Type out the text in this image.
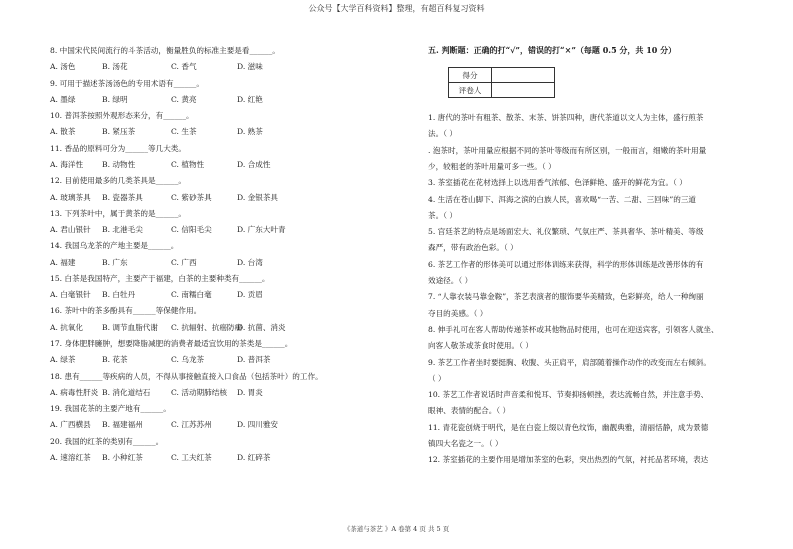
公众号【大学百科资料】整理，有超百科复习资料
8. 中国宋代民间流行的斗茶活动，衡量胜负的标准主要是看______。
A. 汤色	B. 汤花	C. 香气	D. 滋味
9. 可用于描述茶汤汤色的专用术语有______。
A. 墨绿	B. 绿明	C. 黄亮	D. 红艳
10. 普洱茶按照外观形态来分，有______。
A. 散茶	B. 紧压茶	C. 生茶	D. 熟茶
11. 香品的原料可分为______等几大类。
A. 海洋性 B. 动物性	C. 植物性	D. 合成性
12. 目前使用最多的几类茶具是______。
A. 玻璃茶具 B. 瓷器茶具	C. 紫砂茶具	D. 金银茶具
13. 下列茶叶中，属于黄茶的是______。
A. 君山银针 B. 北港毛尖	C. 信阳毛尖	D. 广东大叶青
14. 我国乌龙茶的产地主要是______。
A. 福建	B. 广东	C. 广西	D. 台湾
15. 白茶是我国特产，主要产于福建，白茶的主要种类有______。
A. 白毫银针 B. 白牡丹	C. 南糯白毫	D. 贡眉
16. 茶叶中的茶多酚具有______等保健作用。
A. 抗氧化 B. 调节血脂代谢 C. 抗辐射、抗癌防癌
D. 抗菌、消炎
17. 身体肥胖臃肿，想要降脂减肥的消费者最适宜饮用的茶类是______。
A. 绿茶	B. 花茶	C. 乌龙茶	D. 普洱茶
18. 患有______等疾病的人员，不得从事接触直接入口食品（包括茶叶）的工作。
A. 病毒性肝炎 B. 消化道结石	C. 活动期肺结核 D. 胃炎
19. 我国花茶的主要产地有______。
A. 广西横县 B. 福建福州	C. 江苏苏州	D. 四川雅安
20. 我国的红茶的类别有______。
A. 速溶红茶 B. 小种红茶	C. 工夫红茶	D. 红碎茶
五. 判断题：正确的打“√”，错误的打“×”（每题 0.5 分，共 10 分）
得分	
评卷人	
1. 唐代的茶叶有粗茶、散茶、末茶、饼茶四种，唐代茶道以文人为主体，盛行煎茶
法。（ ）
. 泡茶时，茶叶用量应根据不同的茶叶等级而有所区别，一般而言，细嫩的茶叶用量
少，较粗老的茶叶用量可多一些。（ ）
3. 茶室插花在花材选择上以选用香气浓郁、色泽鲜艳、盛开的鲜花为宜。（ ）
4. 生活在苍山脚下、洱海之滨的白族人民，喜欢喝“一苦、二甜、三回味”的三道
茶。（ ）
5. 宫廷茶艺的特点是场面宏大、礼仪繁琐、气氛庄严、茶具奢华、茶叶精美、等级
森严，带有政治色彩。（ ）
6. 茶艺工作者的形体美可以通过形体训练来获得，科学的形体训练是改善形体的有
效途径。（ ）
7. “人靠衣装马靠金鞍”，茶艺表演者的服饰要华美精致，色彩鲜亮，给人一种绚丽
夺目的美感。（ ）
8. 伸手礼可在客人帮助传递茶杯或其他物品时使用，也可在迎送宾客，引领客人就坐、
向客人敬茶或茶食时使用。（ ）
9. 茶艺工作者坐时要挺胸、收腹、头正肩平，肩部随着操作动作的改变而左右倾斜。
（ ）
10. 茶艺工作者说话时声音柔和悦耳、节奏抑扬顿挫，表达流畅自然，并注意手势、
眼神、表情的配合。（ ）
11. 青花瓷创烧于明代，是在白瓷上缀以青色纹饰，幽靓典雅，清丽恬静，成为景德
镇四大名瓷之一。（ ）
12. 茶室插花的主要作用是增加茶室的色彩，突出热烈的气氛，衬托品茗环境，表达
《茶道与茶艺 》A 卷第 4 页 共 5 页
